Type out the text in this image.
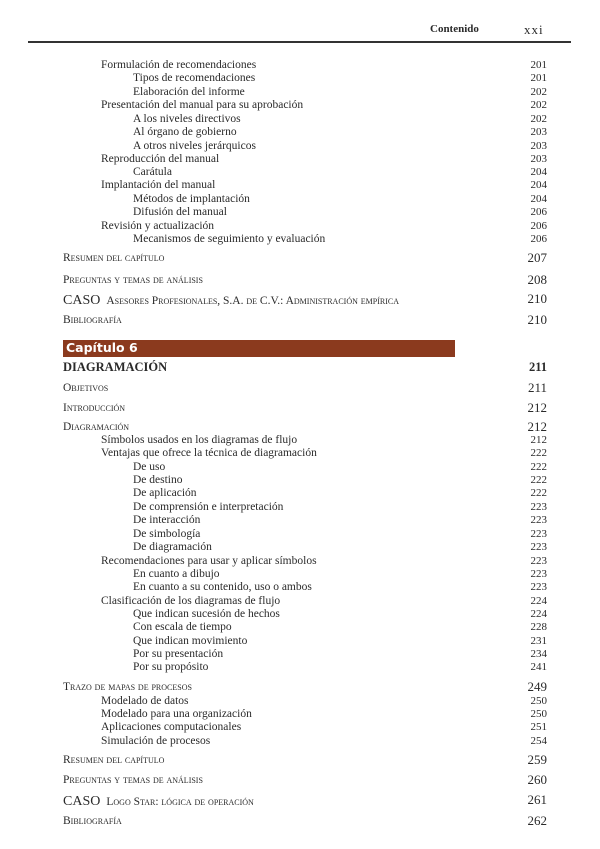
Contenido	xxi
Formulación de recomendaciones	201
Tipos de recomendaciones	201
Elaboración del informe	202
Presentación del manual para su aprobación	202
A los niveles directivos	202
Al órgano de gobierno	203
A otros niveles jerárquicos	203
Reproducción del manual	203
Carátula	204
Implantación del manual	204
Métodos de implantación	204
Difusión del manual	206
Revisión y actualización	206
Mecanismos de seguimiento y evaluación	206
Resumen del capítulo	207
Preguntas y temas de análisis	208
CASO Asesores Profesionales, S.A. de C.V.: Administración empírica	210
Bibliografía	210
Capítulo 6
DIAGRAMACIÓN	211
Objetivos	211
Introducción	212
Diagramación	212
Símbolos usados en los diagramas de flujo	212
Ventajas que ofrece la técnica de diagramación	222
De uso	222
De destino	222
De aplicación	222
De comprensión e interpretación	223
De interacción	223
De simbología	223
De diagramación	223
Recomendaciones para usar y aplicar símbolos	223
En cuanto a dibujo	223
En cuanto a su contenido, uso o ambos	223
Clasificación de los diagramas de flujo	224
Que indican sucesión de hechos	224
Con escala de tiempo	228
Que indican movimiento	231
Por su presentación	234
Por su propósito	241
Trazo de mapas de procesos	249
Modelado de datos	250
Modelado para una organización	250
Aplicaciones computacionales	251
Simulación de procesos	254
Resumen del capítulo	259
Preguntas y temas de análisis	260
CASO Logo Star: lógica de operación	261
Bibliografía	262
